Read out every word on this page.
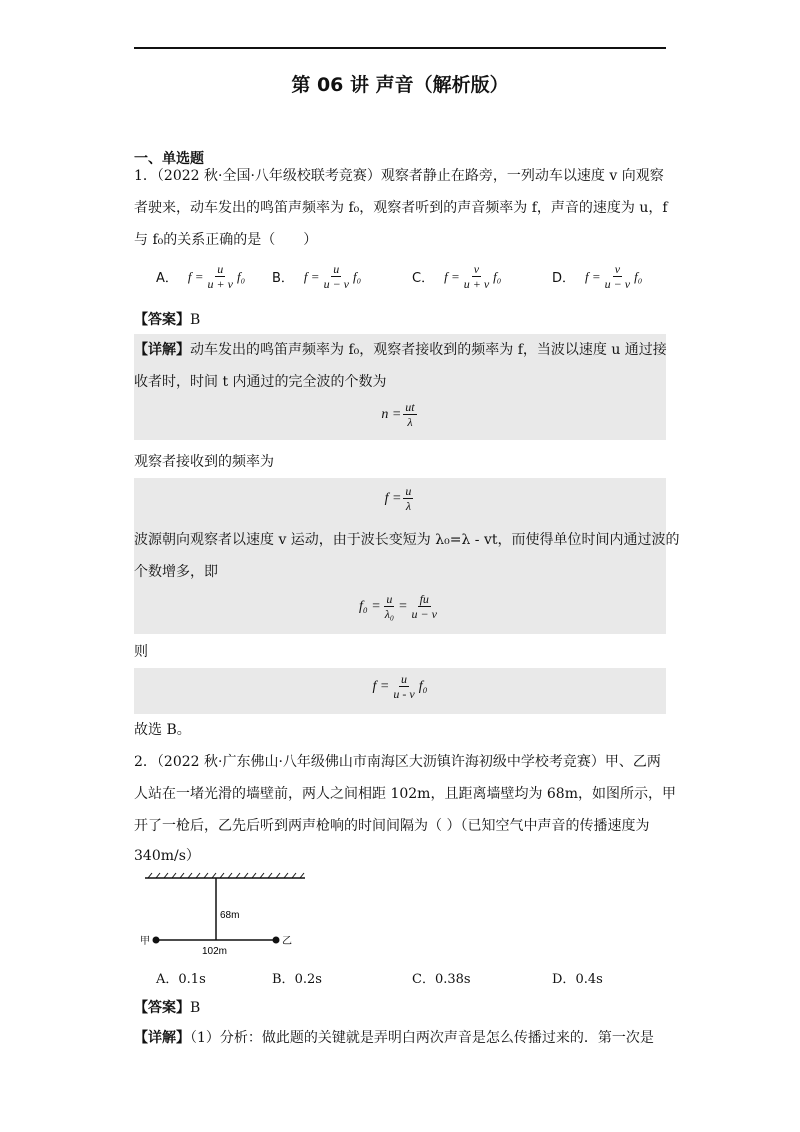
第 06 讲 声音（解析版）
一、单选题
1．（2022 秋·全国·八年级校联考竞赛）观察者静止在路旁，一列动车以速度 v 向观察
者驶来，动车发出的鸣笛声频率为 f₀，观察者听到的声音频率为 f，声音的速度为 u，f
与 f₀的关系正确的是（　　）
A． $f = \frac{u}{u + v} f_0$ B． $f = \frac{u}{u - v} f_0$	C． $f = \frac{v}{u + v} f_0$	D． $f = \frac{v}{u - v} f_0$
【答案】B
【详解】动车发出的鸣笛声频率为 f₀，观察者接收到的频率为 f，当波以速度 u 通过接
收者时，时间 t 内通过的完全波的个数为
$n = \frac{ut}{\lambda}$
观察者接收到的频率为
$f = \frac{u}{\lambda}$
波源朝向观察者以速度 v 运动，由于波长变短为 λ₀=λ - vt，而使得单位时间内通过波的
个数增多，即
$f_0 = \frac{u}{\text{λ₀}} = \frac{fu}{u - v}$
则
$f = \frac{u}{u - v} f_0$
故选 B。
2．（2022 秋·广东佛山·八年级佛山市南海区大沥镇许海初级中学校考竞赛）甲、乙两
人站在一堵光滑的墙壁前，两人之间相距 102m，且距离墙壁均为 68m，如图所示，甲
开了一枪后，乙先后听到两声枪响的时间间隔为（ ）（已知空气中声音的传播速度为
340m/s）
68m
102m
甲	乙
A．0.1s	B．0.2s	C．0.38s	D．0.4s
【答案】B
【详解】（1）分析：做此题的关键就是弄明白两次声音是怎么传播过来的．第一次是
